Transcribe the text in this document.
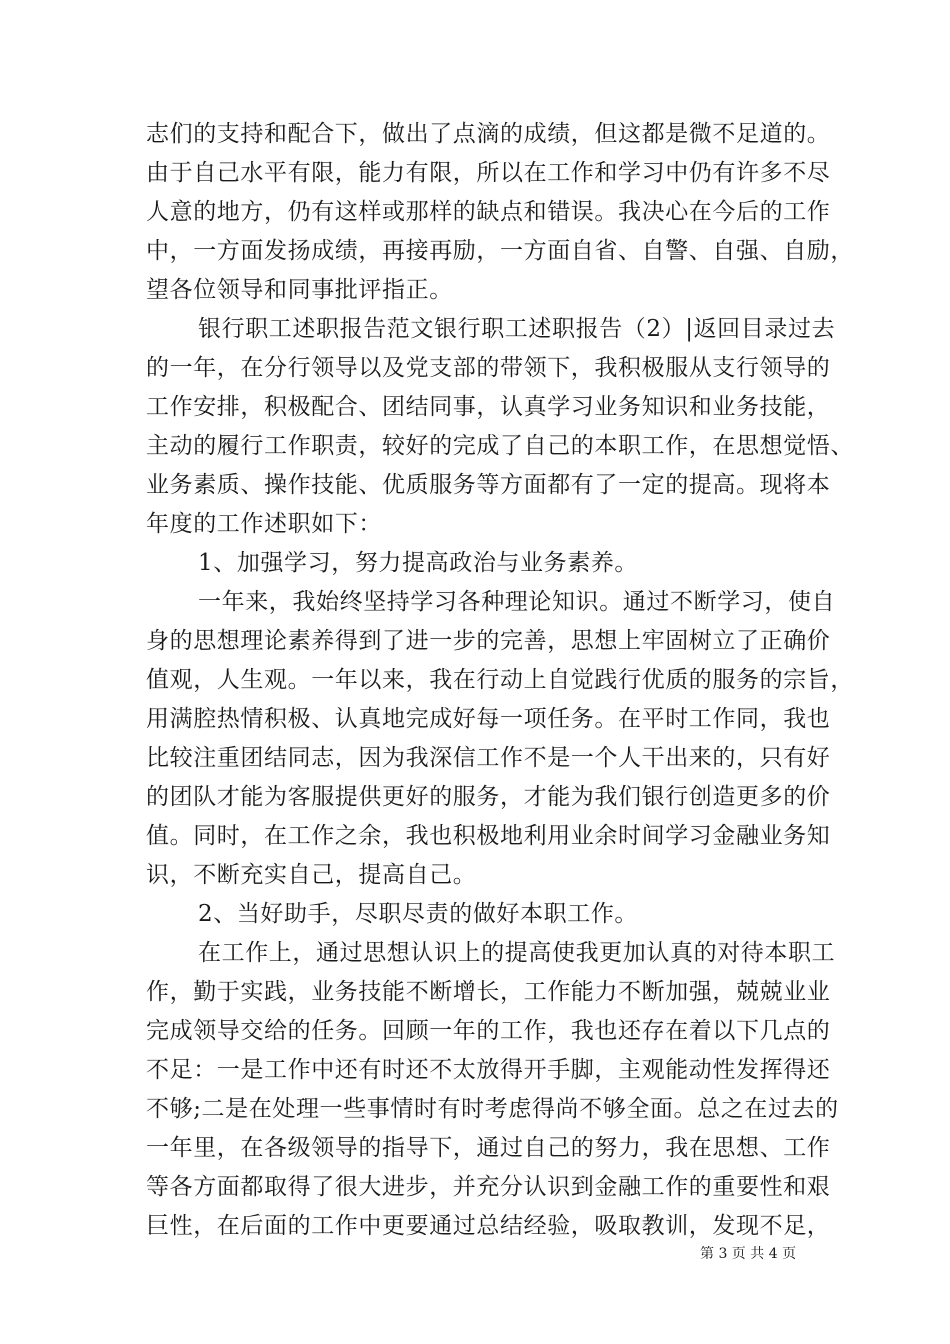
志们的支持和配合下，做出了点滴的成绩，但这都是微不足道的。
由于自己水平有限，能力有限，所以在工作和学习中仍有许多不尽
人意的地方，仍有这样或那样的缺点和错误。我决心在今后的工作
中，一方面发扬成绩，再接再励，一方面自省、自警、自强、自励，
望各位领导和同事批评指正。
银行职工述职报告范文银行职工述职报告（2）|返回目录过去
的一年，在分行领导以及党支部的带领下，我积极服从支行领导的
工作安排，积极配合、团结同事，认真学习业务知识和业务技能，
主动的履行工作职责，较好的完成了自己的本职工作，在思想觉悟、
业务素质、操作技能、优质服务等方面都有了一定的提高。现将本
年度的工作述职如下：
1、加强学习，努力提高政治与业务素养。
一年来，我始终坚持学习各种理论知识。通过不断学习，使自
身的思想理论素养得到了进一步的完善，思想上牢固树立了正确价
值观，人生观。一年以来，我在行动上自觉践行优质的服务的宗旨，
用满腔热情积极、认真地完成好每一项任务。在平时工作同，我也
比较注重团结同志，因为我深信工作不是一个人干出来的，只有好
的团队才能为客服提供更好的服务，才能为我们银行创造更多的价
值。同时，在工作之余，我也积极地利用业余时间学习金融业务知
识，不断充实自己，提高自己。
2、当好助手，尽职尽责的做好本职工作。
在工作上，通过思想认识上的提高使我更加认真的对待本职工
作，勤于实践，业务技能不断增长，工作能力不断加强，兢兢业业
完成领导交给的任务。回顾一年的工作，我也还存在着以下几点的
不足：一是工作中还有时还不太放得开手脚，主观能动性发挥得还
不够;二是在处理一些事情时有时考虑得尚不够全面。总之在过去的
一年里，在各级领导的指导下，通过自己的努力，我在思想、工作
等各方面都取得了很大进步，并充分认识到金融工作的重要性和艰
巨性，在后面的工作中更要通过总结经验，吸取教训，发现不足，
第 3 页 共 4 页
